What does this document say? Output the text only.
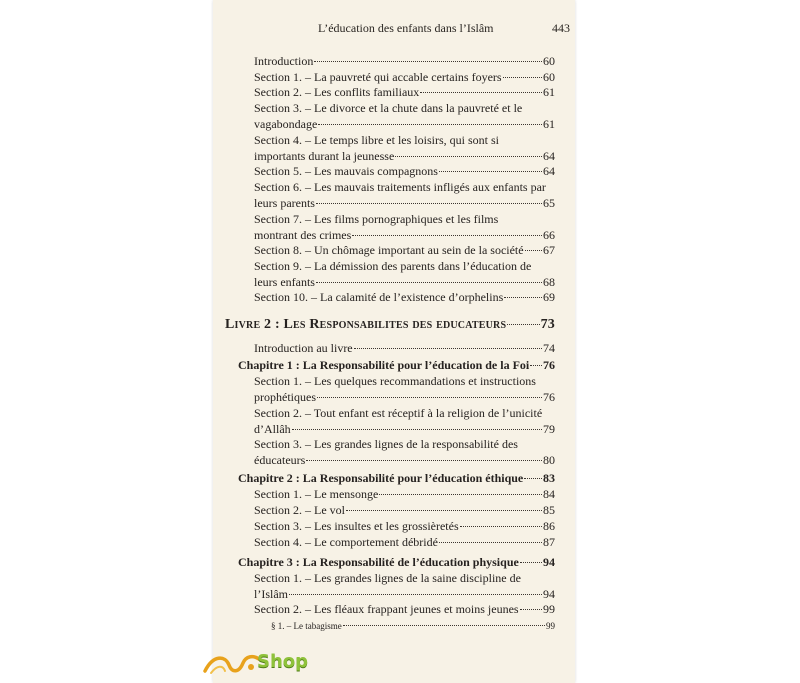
L’éducation des enfants dans l’Islâm	443
Introduction	60
Section 1. – La pauvreté qui accable certains foyers	60
Section 2. – Les conflits familiaux	61
Section 3. – Le divorce et la chute dans la pauvreté et le
vagabondage	61
Section 4. – Le temps libre et les loisirs, qui sont si
importants durant la jeunesse	64
Section 5. – Les mauvais compagnons	64
Section 6. – Les mauvais traitements infligés aux enfants par
leurs parents	65
Section 7. – Les films pornographiques et les films
montrant des crimes	66
Section 8. – Un chômage important au sein de la société 67
Section 9. – La démission des parents dans l’éducation de
leurs enfants	68
Section 10. – La calamité de l’existence d’orphelins	69
Livre 2 : Les Responsabilites des educateurs 73
Introduction au livre	74
Chapitre 1 : La Responsabilité pour l’éducation de la Foi 76
Section 1. – Les quelques recommandations et instructions
prophétiques	76
Section 2. – Tout enfant est réceptif à la religion de l’unicité
d’Allâh	79
Section 3. – Les grandes lignes de la responsabilité des
éducateurs	80
Chapitre 2 : La Responsabilité pour l’éducation éthique 83
Section 1. – Le mensonge	84
Section 2. – Le vol	85
Section 3. – Les insultes et les grossièretés	86
Section 4. – Le comportement débridé	87
Chapitre 3 : La Responsabilité de l’éducation physique 94
Section 1. – Les grandes lignes de la saine discipline de
l’Islâm	94
Section 2. – Les fléaux frappant jeunes et moins jeunes 99
§ 1. – Le tabagisme	99
Shop
